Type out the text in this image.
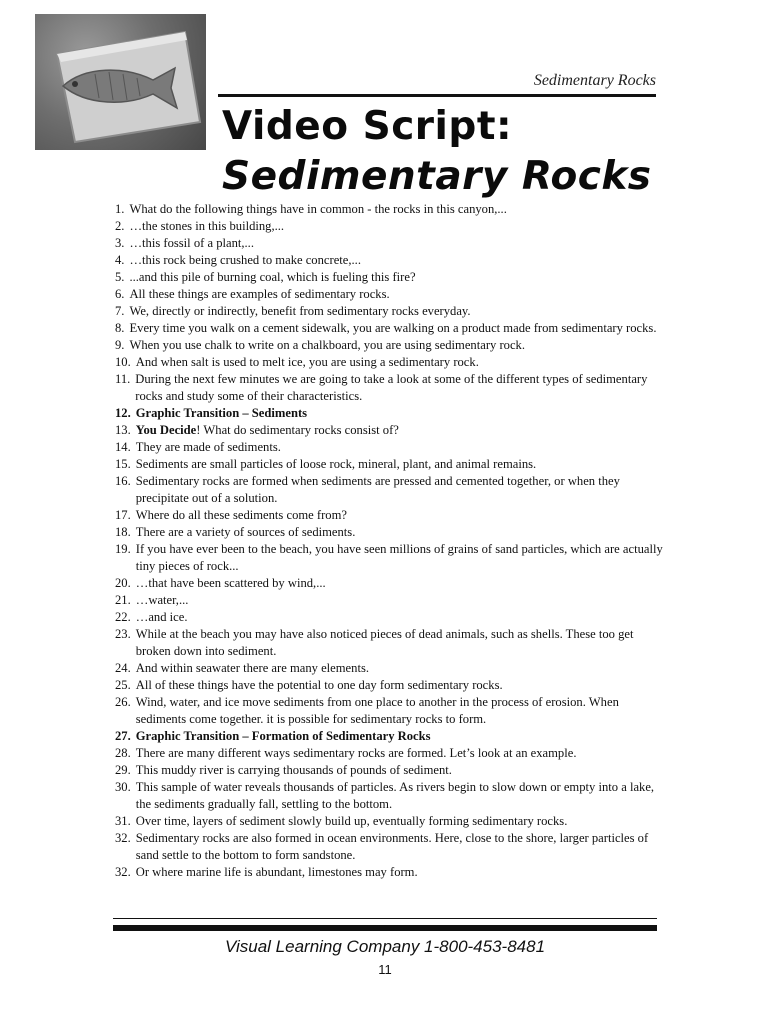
Sedimentary Rocks
Video Script:
Sedimentary Rocks
1. What do the following things have in common - the rocks in this canyon,...
2. …the stones in this building,...
3. …this fossil of a plant,...
4. …this rock being crushed to make concrete,...
5. ...and this pile of burning coal, which is fueling this fire?
6. All these things are examples of sedimentary rocks.
7. We, directly or indirectly, benefit from sedimentary rocks everyday.
8. Every time you walk on a cement sidewalk, you are walking on a product made from sedimentary rocks.
9. When you use chalk to write on a chalkboard, you are using sedimentary rock.
10. And when salt is used to melt ice, you are using a sedimentary rock.
11. During the next few minutes we are going to take a look at some of the different types of sedimentary rocks and study some of their characteristics.
12. Graphic Transition – Sediments
13. You Decide! What do sedimentary rocks consist of?
14. They are made of sediments.
15. Sediments are small particles of loose rock, mineral, plant, and animal remains.
16. Sedimentary rocks are formed when sediments are pressed and cemented together, or when they precipitate out of a solution.
17. Where do all these sediments come from?
18. There are a variety of sources of sediments.
19. If you have ever been to the beach, you have seen millions of grains of sand particles, which are actually tiny pieces of rock...
20. …that have been scattered by wind,...
21. …water,...
22. …and ice.
23. While at the beach you may have also noticed pieces of dead animals, such as shells. These too get broken down into sediment.
24. And within seawater there are many elements.
25. All of these things have the potential to one day form sedimentary rocks.
26. Wind, water, and ice move sediments from one place to another in the process of erosion. When sediments come together. it is possible for sedimentary rocks to form.
27. Graphic Transition – Formation of Sedimentary Rocks
28. There are many different ways sedimentary rocks are formed. Let’s look at an example.
29. This muddy river is carrying thousands of pounds of sediment.
30. This sample of water reveals thousands of particles. As rivers begin to slow down or empty into a lake, the sediments gradually fall, settling to the bottom.
31. Over time, layers of sediment slowly build up, eventually forming sedimentary rocks.
32. Sedimentary rocks are also formed in ocean environments. Here, close to the shore, larger particles of sand settle to the bottom to form sandstone.
32. Or where marine life is abundant, limestones may form.
Visual Learning Company 1-800-453-8481
11
